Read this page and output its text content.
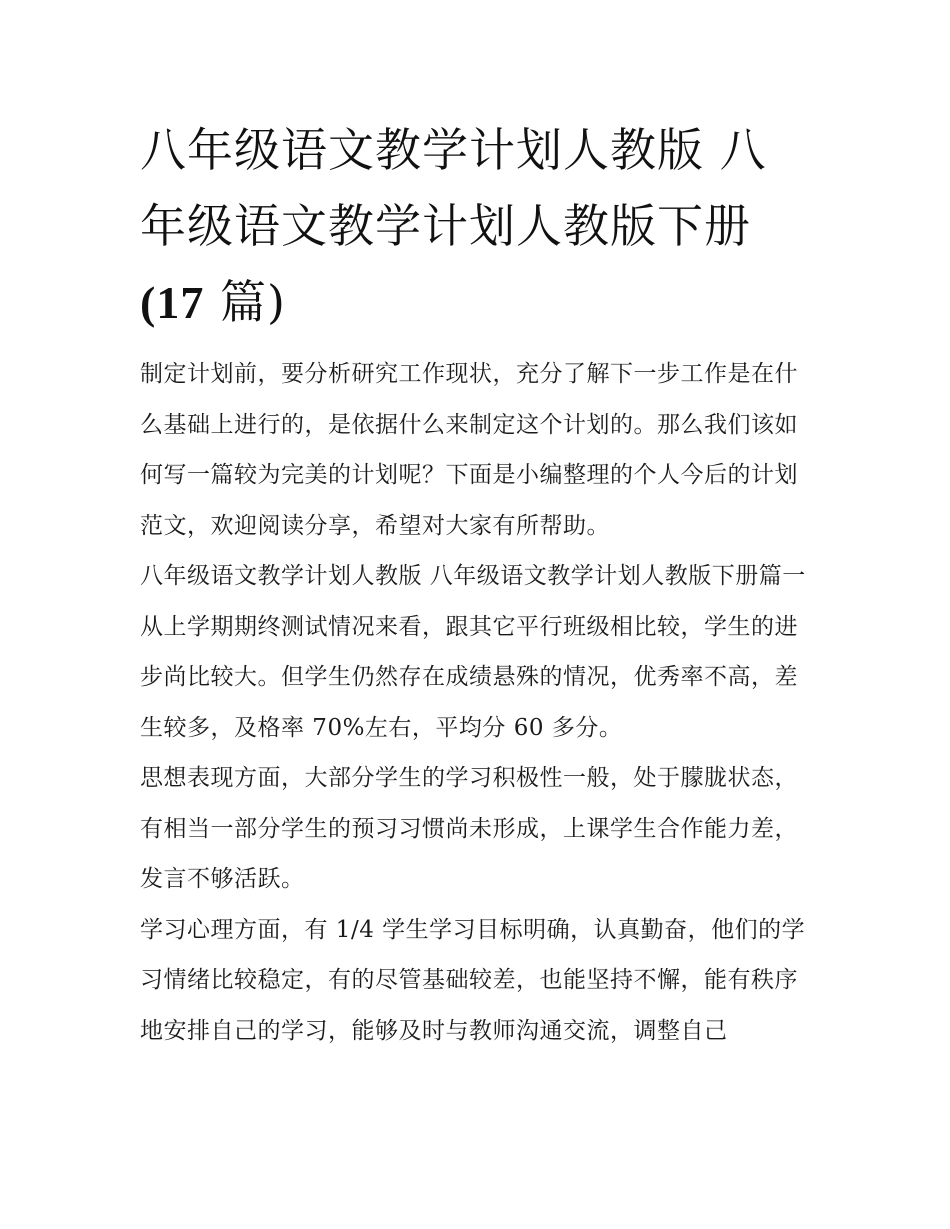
八年级语文教学计划人教版 八
年级语文教学计划人教版下册
(17 篇)

制定计划前，要分析研究工作现状，充分了解下一步工作是在什么基础上进行的，是依据什么来制定这个计划的。那么我们该如何写一篇较为完美的计划呢？下面是小编整理的个人今后的计划范文，欢迎阅读分享，希望对大家有所帮助。

八年级语文教学计划人教版 八年级语文教学计划人教版下册篇一

从上学期期终测试情况来看，跟其它平行班级相比较，学生的进步尚比较大。但学生仍然存在成绩悬殊的情况，优秀率不高，差生较多，及格率 70%左右，平均分 60 多分。

思想表现方面，大部分学生的学习积极性一般，处于朦胧状态，有相当一部分学生的预习习惯尚未形成，上课学生合作能力差，发言不够活跃。

学习心理方面，有 1/4 学生学习目标明确，认真勤奋，他们的学习情绪比较稳定，有的尽管基础较差，也能坚持不懈，能有秩序地安排自己的学习，能够及时与教师沟通交流，调整自己
